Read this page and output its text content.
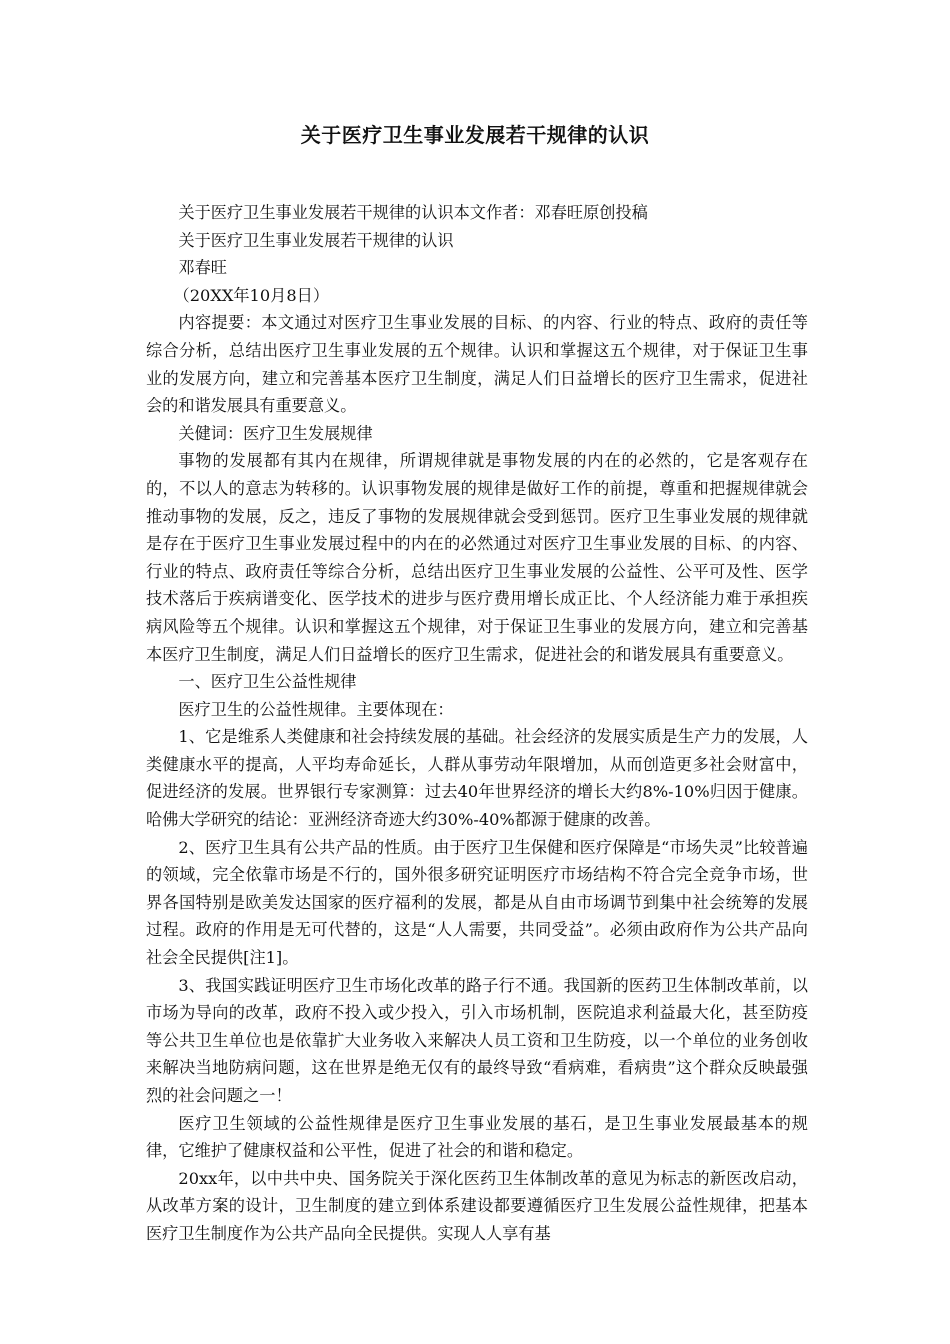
关于医疗卫生事业发展若干规律的认识

关于医疗卫生事业发展若干规律的认识本文作者：邓春旺原创投稿

关于医疗卫生事业发展若干规律的认识

邓春旺

（20XX年10月8日）

内容提要：本文通过对医疗卫生事业发展的目标、的内容、行业的特点、政府的责任等综合分析，总结出医疗卫生事业发展的五个规律。认识和掌握这五个规律，对于保证卫生事业的发展方向，建立和完善基本医疗卫生制度，满足人们日益增长的医疗卫生需求，促进社会的和谐发展具有重要意义。

关健词：医疗卫生发展规律

事物的发展都有其内在规律，所谓规律就是事物发展的内在的必然的，它是客观存在的，不以人的意志为转移的。认识事物发展的规律是做好工作的前提，尊重和把握规律就会推动事物的发展，反之，违反了事物的发展规律就会受到惩罚。医疗卫生事业发展的规律就是存在于医疗卫生事业发展过程中的内在的必然通过对医疗卫生事业发展的目标、的内容、行业的特点、政府责任等综合分析，总结出医疗卫生事业发展的公益性、公平可及性、医学技术落后于疾病谱变化、医学技术的进步与医疗费用增长成正比、个人经济能力难于承担疾病风险等五个规律。认识和掌握这五个规律，对于保证卫生事业的发展方向，建立和完善基本医疗卫生制度，满足人们日益增长的医疗卫生需求，促进社会的和谐发展具有重要意义。

一、医疗卫生公益性规律

医疗卫生的公益性规律。主要体现在：

1、它是维系人类健康和社会持续发展的基础。社会经济的发展实质是生产力的发展，人类健康水平的提高，人平均寿命延长，人群从事劳动年限增加，从而创造更多社会财富中，促进经济的发展。世界银行专家测算：过去40年世界经济的增长大约8%-10%归因于健康。哈佛大学研究的结论：亚洲经济奇迹大约30%-40%都源于健康的改善。

2、医疗卫生具有公共产品的性质。由于医疗卫生保健和医疗保障是“市场失灵”比较普遍的领域，完全依靠市场是不行的，国外很多研究证明医疗市场结构不符合完全竞争市场，世界各国特别是欧美发达国家的医疗福利的发展，都是从自由市场调节到集中社会统筹的发展过程。政府的作用是无可代替的，这是“人人需要，共同受益”。必须由政府作为公共产品向社会全民提供[注1]。

3、我国实践证明医疗卫生市场化改革的路子行不通。我国新的医药卫生体制改革前，以市场为导向的改革，政府不投入或少投入，引入市场机制，医院追求利益最大化，甚至防疫等公共卫生单位也是依靠扩大业务收入来解决人员工资和卫生防疫，以一个单位的业务创收来解决当地防病问题，这在世界是绝无仅有的最终导致“看病难，看病贵”这个群众反映最强烈的社会问题之一！

医疗卫生领域的公益性规律是医疗卫生事业发展的基石，是卫生事业发展最基本的规律，它维护了健康权益和公平性，促进了社会的和谐和稳定。

20xx年，以中共中央、国务院关于深化医药卫生体制改革的意见为标志的新医改启动，从改革方案的设计，卫生制度的建立到体系建设都要遵循医疗卫生发展公益性规律，把基本医疗卫生制度作为公共产品向全民提供。实现人人享有基
